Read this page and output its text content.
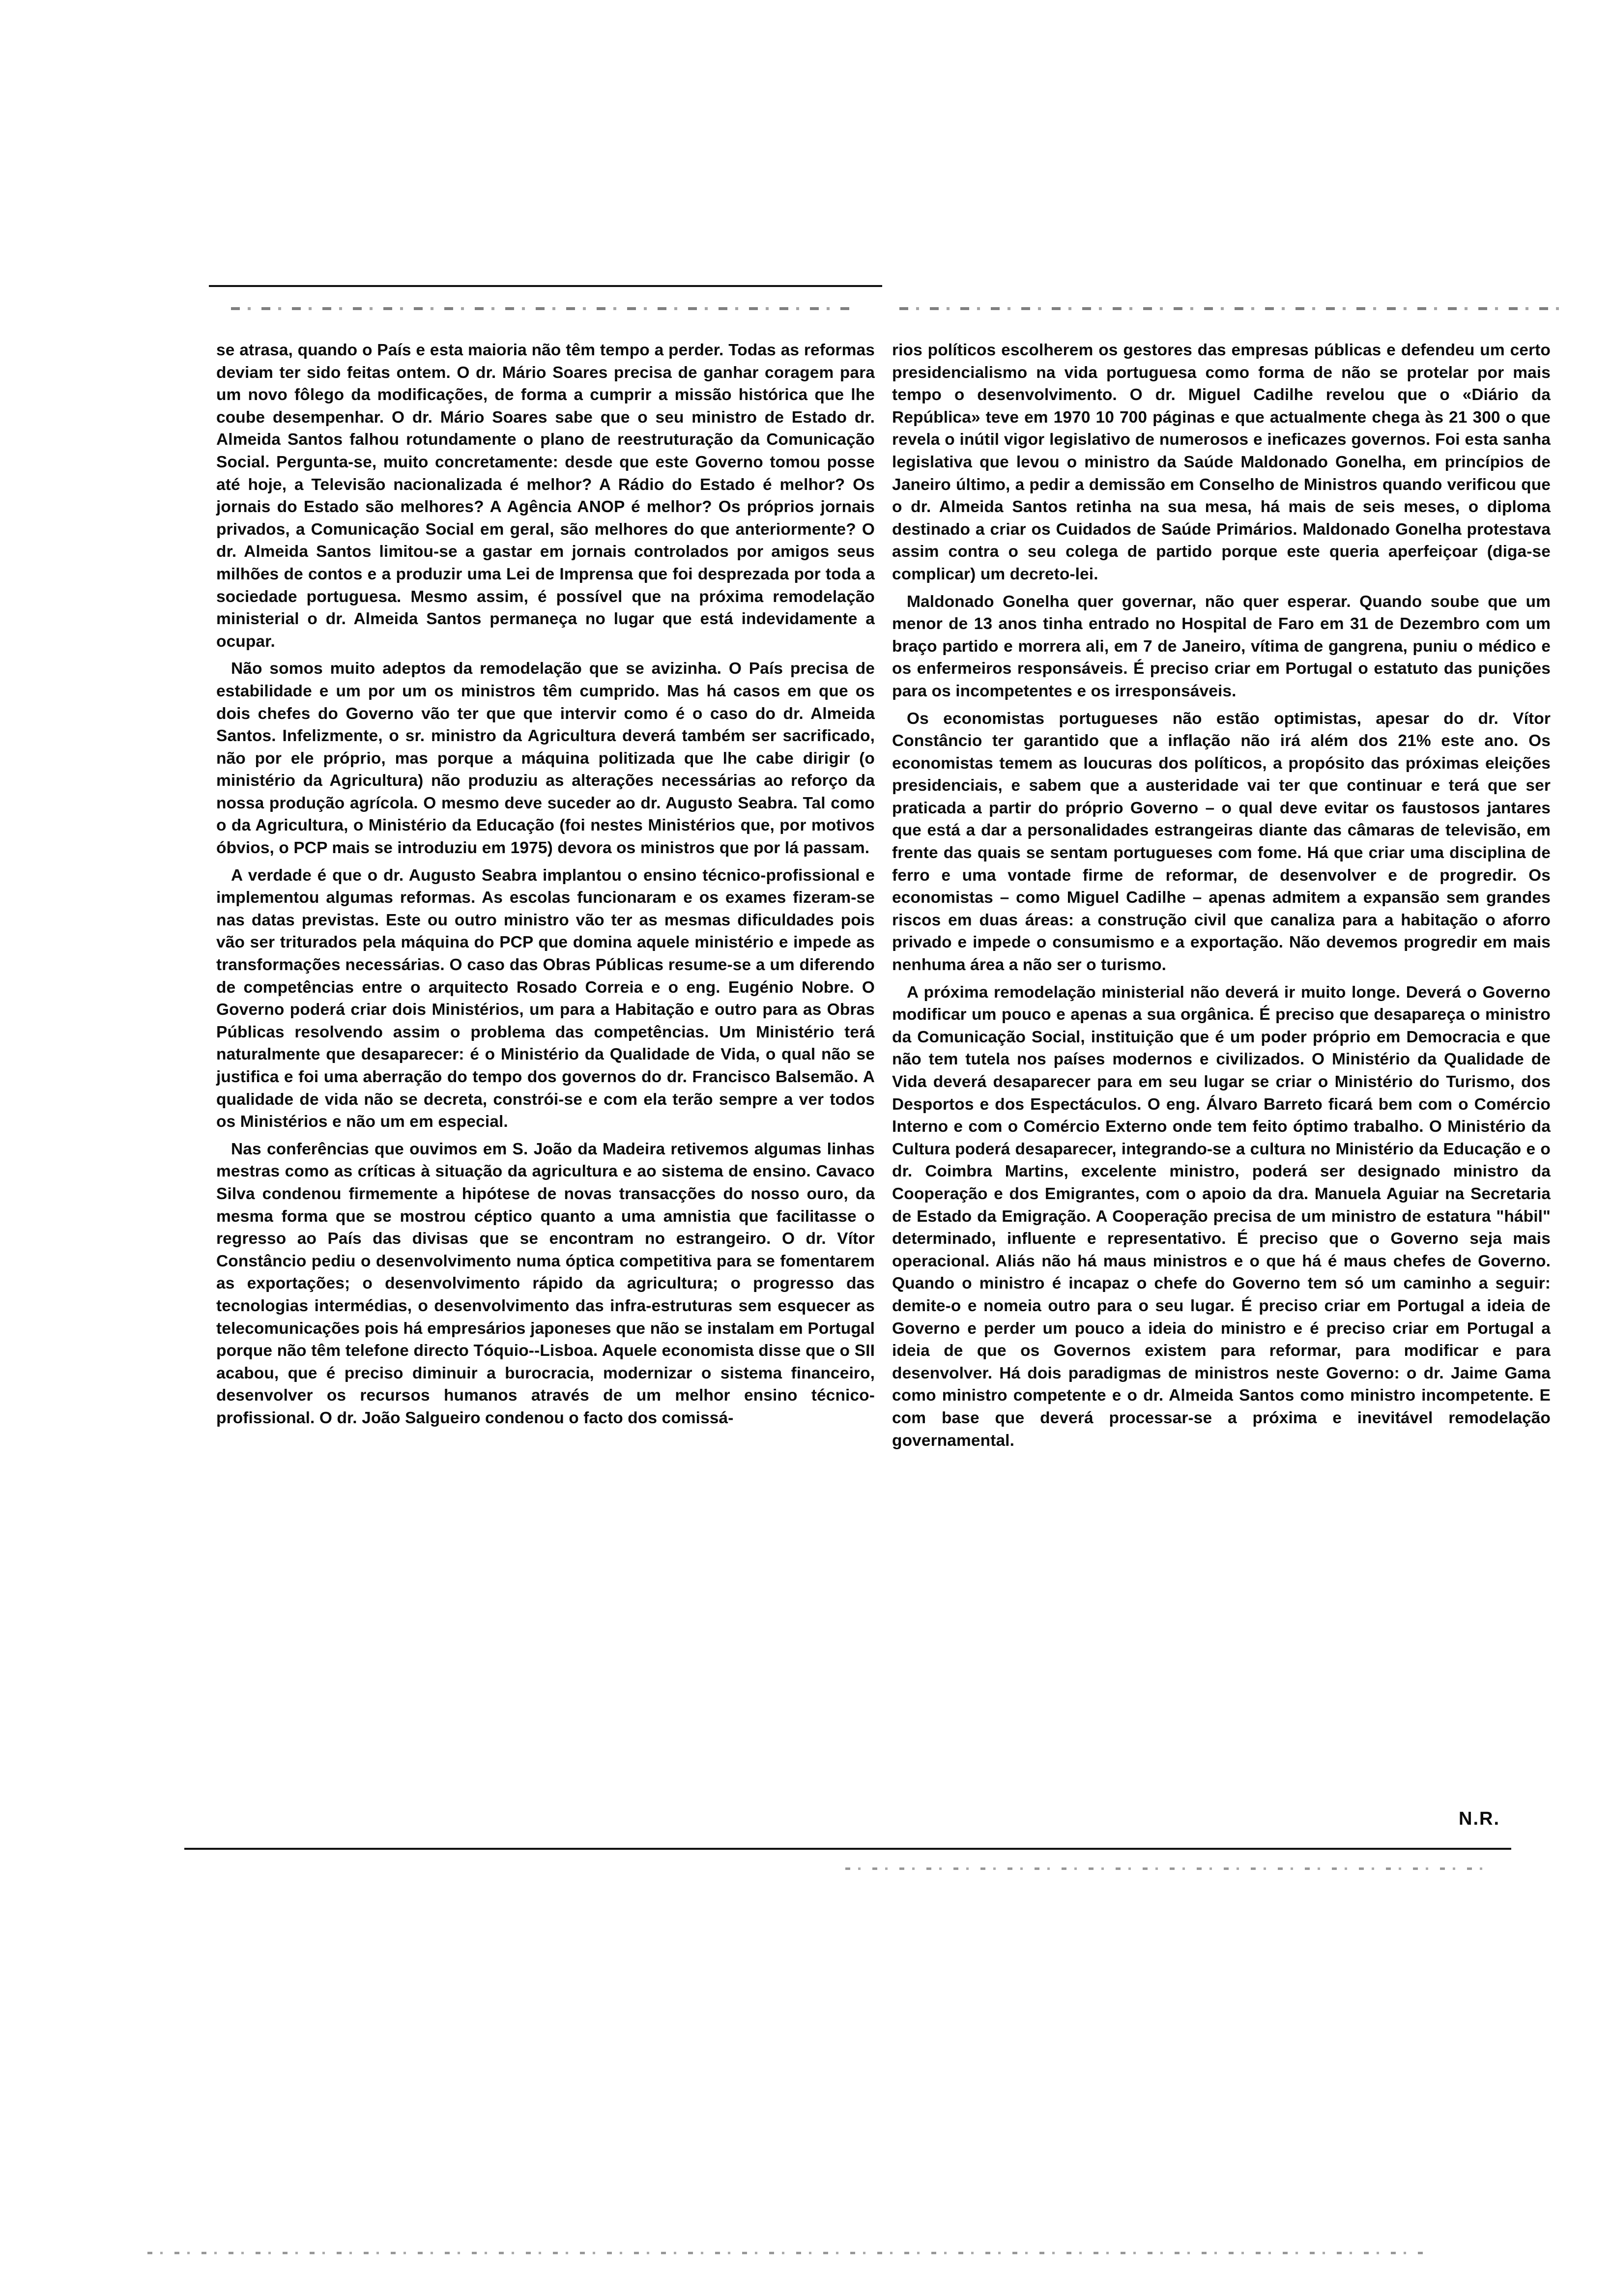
se atrasa, quando o País e esta maioria não têm tempo a perder. Todas as reformas deviam ter sido feitas ontem. O dr. Mário Soares precisa de ganhar coragem para um novo fôlego da modificações, de forma a cumprir a missão histórica que lhe coube desempenhar. O dr. Mário Soares sabe que o seu ministro de Estado dr. Almeida Santos falhou rotundamente o plano de reestruturação da Comunicação Social. Pergunta-se, muito concretamente: desde que este Governo tomou posse até hoje, a Televisão nacionalizada é melhor? A Rádio do Estado é melhor? Os jornais do Estado são melhores? A Agência ANOP é melhor? Os próprios jornais privados, a Comunicação Social em geral, são melhores do que anteriormente? O dr. Almeida Santos limitou-se a gastar em jornais controlados por amigos seus milhões de contos e a produzir uma Lei de Imprensa que foi desprezada por toda a sociedade portuguesa. Mesmo assim, é possível que na próxima remodelação ministerial o dr. Almeida Santos permaneça no lugar que está indevidamente a ocupar.

Não somos muito adeptos da remodelação que se avizinha. O País precisa de estabilidade e um por um os ministros têm cumprido. Mas há casos em que os dois chefes do Governo vão ter que que intervir como é o caso do dr. Almeida Santos. Infelizmente, o sr. ministro da Agricultura deverá também ser sacrificado, não por ele próprio, mas porque a máquina politizada que lhe cabe dirigir (o ministério da Agricultura) não produziu as alterações necessárias ao reforço da nossa produção agrícola. O mesmo deve suceder ao dr. Augusto Seabra. Tal como o da Agricultura, o Ministério da Educação (foi nestes Ministérios que, por motivos óbvios, o PCP mais se introduziu em 1975) devora os ministros que por lá passam.

A verdade é que o dr. Augusto Seabra implantou o ensino técnico-profissional e implementou algumas reformas. As escolas funcionaram e os exames fizeram-se nas datas previstas. Este ou outro ministro vão ter as mesmas dificuldades pois vão ser triturados pela máquina do PCP que domina aquele ministério e impede as transformações necessárias. O caso das Obras Públicas resume-se a um diferendo de competências entre o arquitecto Rosado Correia e o eng. Eugénio Nobre. O Governo poderá criar dois Ministérios, um para a Habitação e outro para as Obras Públicas resolvendo assim o problema das competências. Um Ministério terá naturalmente que desaparecer: é o Ministério da Qualidade de Vida, o qual não se justifica e foi uma aberração do tempo dos governos do dr. Francisco Balsemão. A qualidade de vida não se decreta, constrói-se e com ela terão sempre a ver todos os Ministérios e não um em especial.

Nas conferências que ouvimos em S. João da Madeira retivemos algumas linhas mestras como as críticas à situação da agricultura e ao sistema de ensino. Cavaco Silva condenou firmemente a hipótese de novas transacções do nosso ouro, da mesma forma que se mostrou céptico quanto a uma amnistia que facilitasse o regresso ao País das divisas que se encontram no estrangeiro. O dr. Vítor Constâncio pediu o desenvolvimento numa óptica competitiva para se fomentarem as exportações; o desenvolvimento rápido da agricultura; o progresso das tecnologias intermédias, o desenvolvimento das infra-estruturas sem esquecer as telecomunicações pois há empresários japoneses que não se instalam em Portugal porque não têm telefone directo Tóquio--Lisboa. Aquele economista disse que o SII acabou, que é preciso diminuir a burocracia, modernizar o sistema financeiro, desenvolver os recursos humanos através de um melhor ensino técnico-profissional. O dr. João Salgueiro condenou o facto dos comissá-

rios políticos escolherem os gestores das empresas públicas e defendeu um certo presidencialismo na vida portuguesa como forma de não se protelar por mais tempo o desenvolvimento. O dr. Miguel Cadilhe revelou que o «Diário da República» teve em 1970 10 700 páginas e que actualmente chega às 21 300 o que revela o inútil vigor legislativo de numerosos e ineficazes governos. Foi esta sanha legislativa que levou o ministro da Saúde Maldonado Gonelha, em princípios de Janeiro último, a pedir a demissão em Conselho de Ministros quando verificou que o dr. Almeida Santos retinha na sua mesa, há mais de seis meses, o diploma destinado a criar os Cuidados de Saúde Primários. Maldonado Gonelha protestava assim contra o seu colega de partido porque este queria aperfeiçoar (diga-se complicar) um decreto-lei.

Maldonado Gonelha quer governar, não quer esperar. Quando soube que um menor de 13 anos tinha entrado no Hospital de Faro em 31 de Dezembro com um braço partido e morrera ali, em 7 de Janeiro, vítima de gangrena, puniu o médico e os enfermeiros responsáveis. É preciso criar em Portugal o estatuto das punições para os incompetentes e os irresponsáveis.

Os economistas portugueses não estão optimistas, apesar do dr. Vítor Constâncio ter garantido que a inflação não irá além dos 21% este ano. Os economistas temem as loucuras dos políticos, a propósito das próximas eleições presidenciais, e sabem que a austeridade vai ter que continuar e terá que ser praticada a partir do próprio Governo – o qual deve evitar os faustosos jantares que está a dar a personalidades estrangeiras diante das câmaras de televisão, em frente das quais se sentam portugueses com fome. Há que criar uma disciplina de ferro e uma vontade firme de reformar, de desenvolver e de progredir. Os economistas – como Miguel Cadilhe – apenas admitem a expansão sem grandes riscos em duas áreas: a construção civil que canaliza para a habitação o aforro privado e impede o consumismo e a exportação. Não devemos progredir em mais nenhuma área a não ser o turismo.

A próxima remodelação ministerial não deverá ir muito longe. Deverá o Governo modificar um pouco e apenas a sua orgânica. É preciso que desapareça o ministro da Comunicação Social, instituição que é um poder próprio em Democracia e que não tem tutela nos países modernos e civilizados. O Ministério da Qualidade de Vida deverá desaparecer para em seu lugar se criar o Ministério do Turismo, dos Desportos e dos Espectáculos. O eng. Álvaro Barreto ficará bem com o Comércio Interno e com o Comércio Externo onde tem feito óptimo trabalho. O Ministério da Cultura poderá desaparecer, integrando-se a cultura no Ministério da Educação e o dr. Coimbra Martins, excelente ministro, poderá ser designado ministro da Cooperação e dos Emigrantes, com o apoio da dra. Manuela Aguiar na Secretaria de Estado da Emigração. A Cooperação precisa de um ministro de estatura "hábil" determinado, influente e representativo. É preciso que o Governo seja mais operacional. Aliás não há maus ministros e o que há é maus chefes de Governo. Quando o ministro é incapaz o chefe do Governo tem só um caminho a seguir: demite-o e nomeia outro para o seu lugar. É preciso criar em Portugal a ideia de Governo e perder um pouco a ideia do ministro e é preciso criar em Portugal a ideia de que os Governos existem para reformar, para modificar e para desenvolver. Há dois paradigmas de ministros neste Governo: o dr. Jaime Gama como ministro competente e o dr. Almeida Santos como ministro incompetente. E com base que deverá processar-se a próxima e inevitável remodelação governamental.

N.R.
